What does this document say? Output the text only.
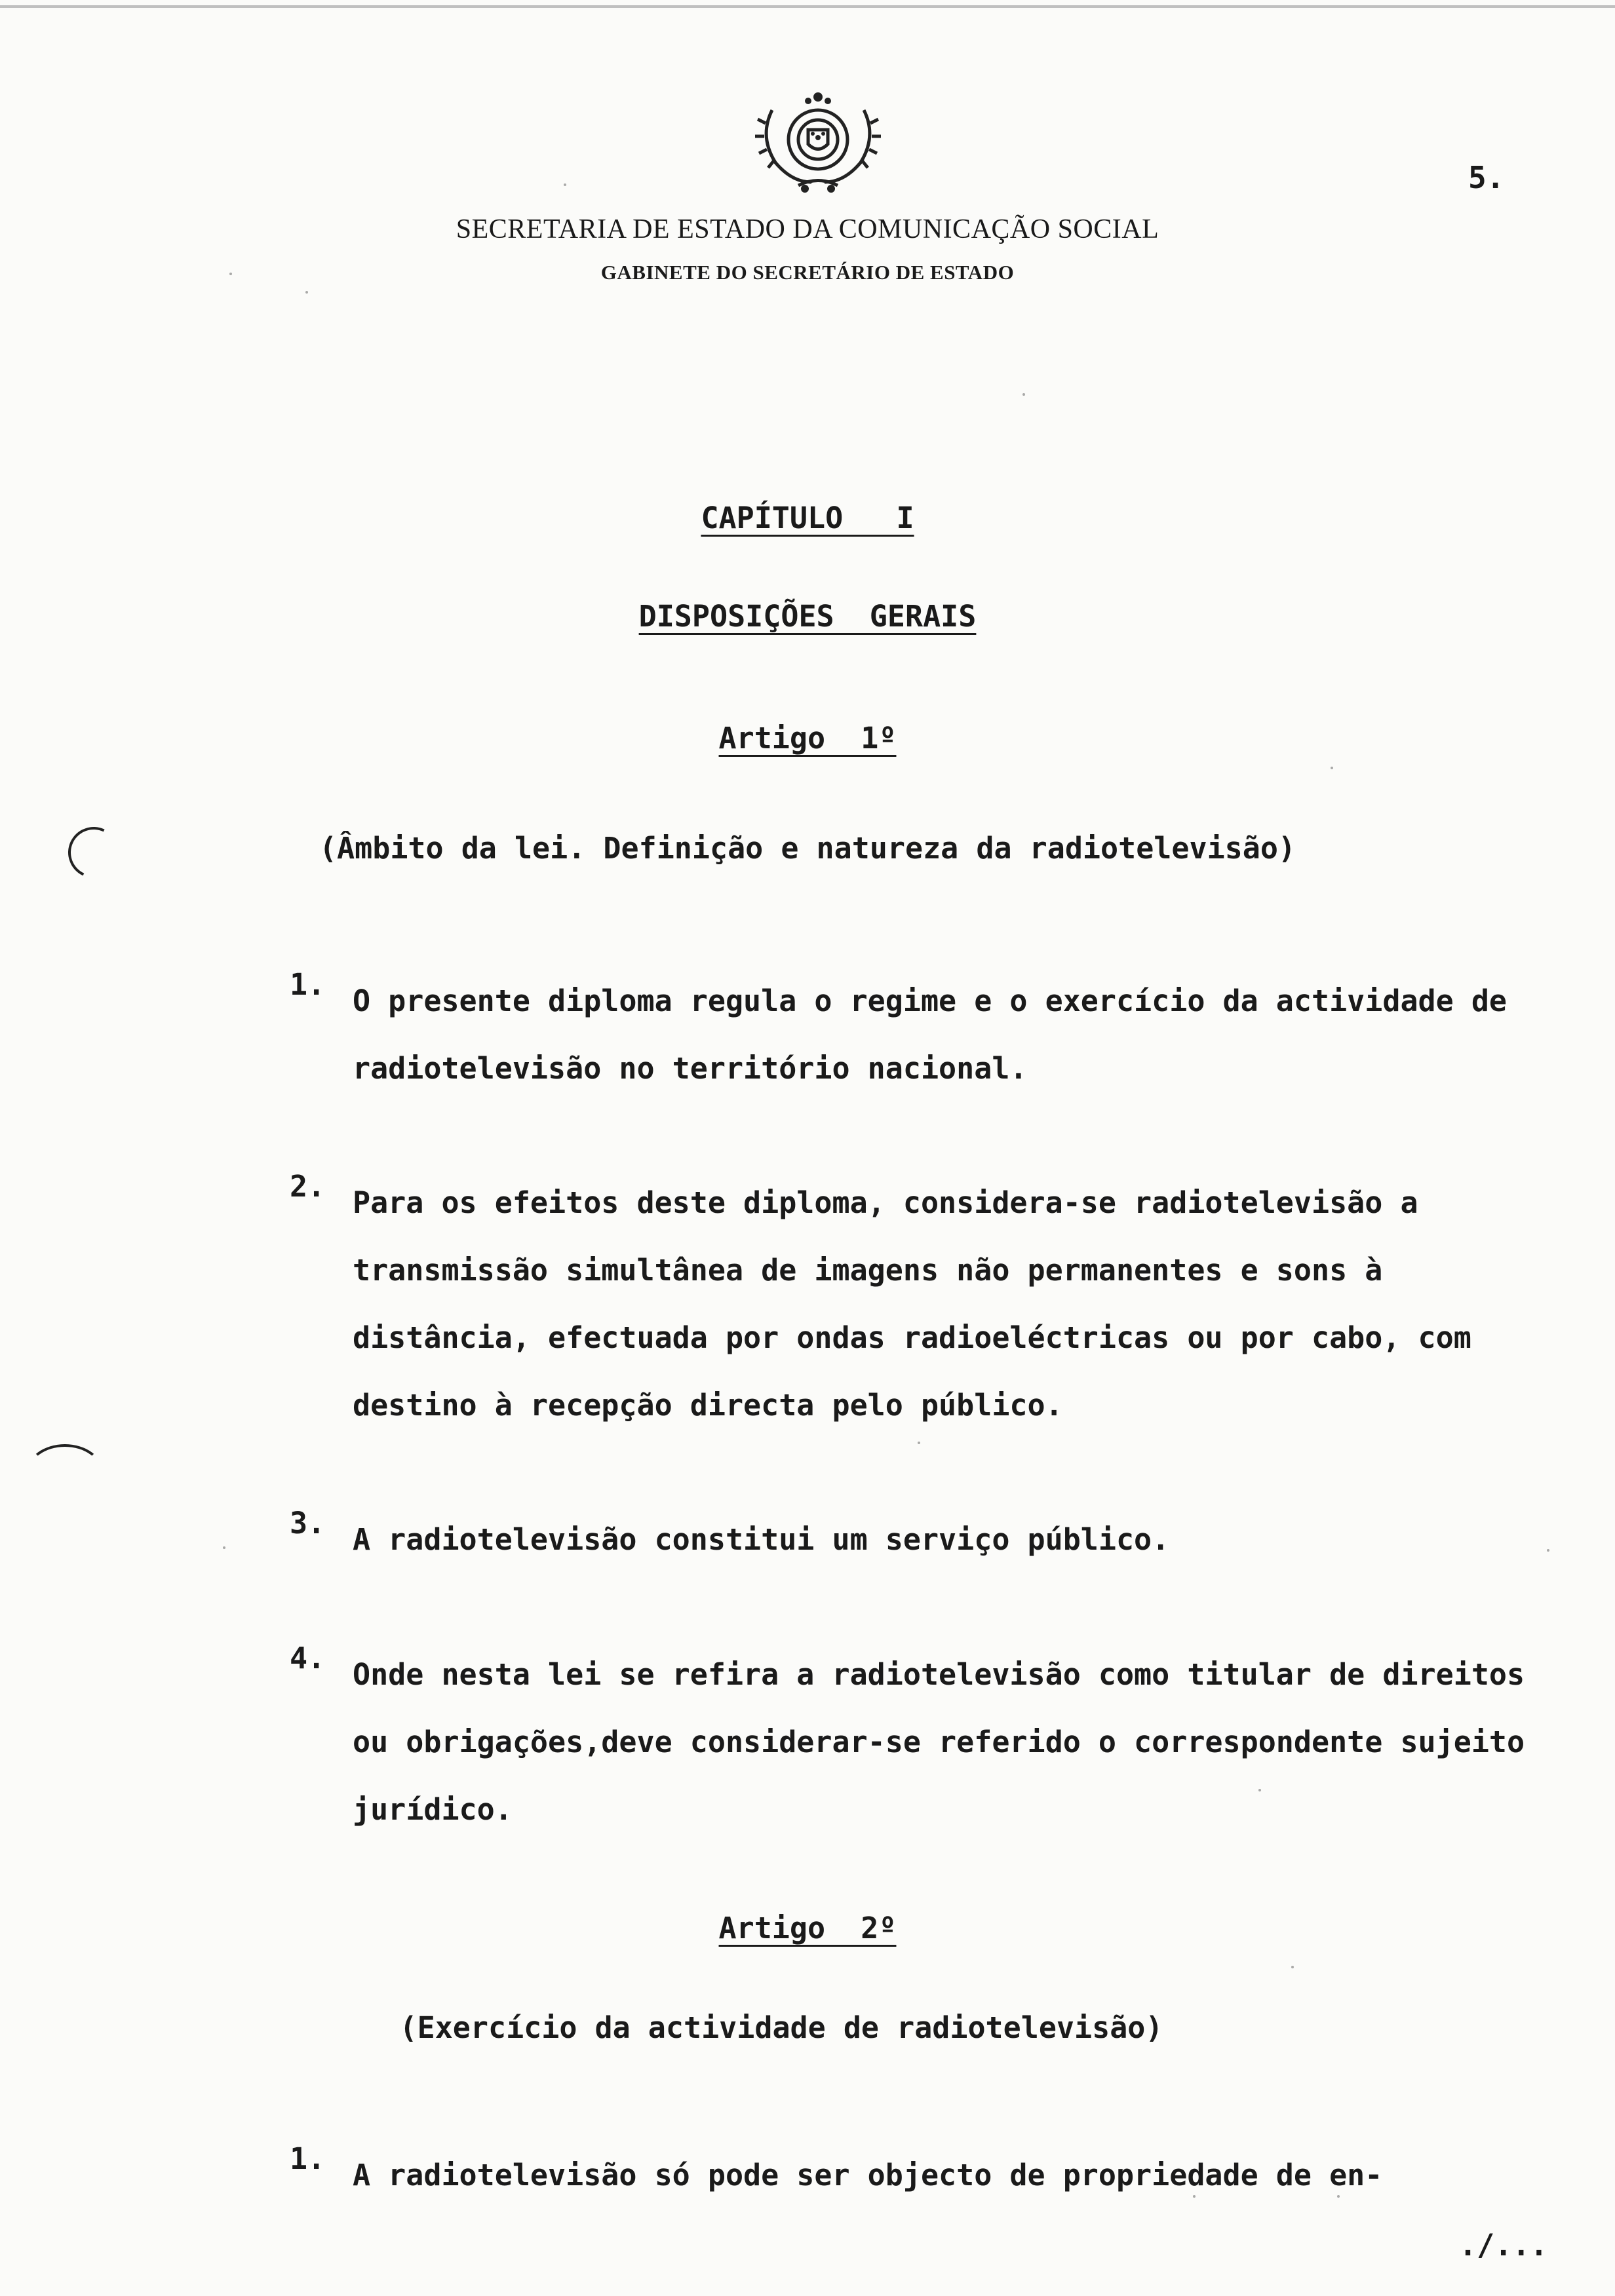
5.
SECRETARIA DE ESTADO DA COMUNICAÇÃO SOCIAL
GABINETE DO SECRETÁRIO DE ESTADO
CAPÍTULO   I
DISPOSIÇÕES  GERAIS
Artigo  1º
(Âmbito da lei. Definição e natureza da radiotelevisão)
1. O presente diploma regula o regime e o exercício da actividade de radiotelevisão no território nacional.
2. Para os efeitos deste diploma, considera-se radiotelevisão a transmissão simultânea de imagens não permanentes e sons à distância, efectuada por ondas radioeléctricas ou por cabo, com destino à recepção directa pelo público.
3. A radiotelevisão constitui um serviço público.
4. Onde nesta lei se refira a radiotelevisão como titular de direitos ou obrigações,deve considerar-se referido o correspondente sujeito jurídico.
Artigo  2º
(Exercício da actividade de radiotelevisão)
1. A radiotelevisão só pode ser objecto de propriedade de en-
./...
